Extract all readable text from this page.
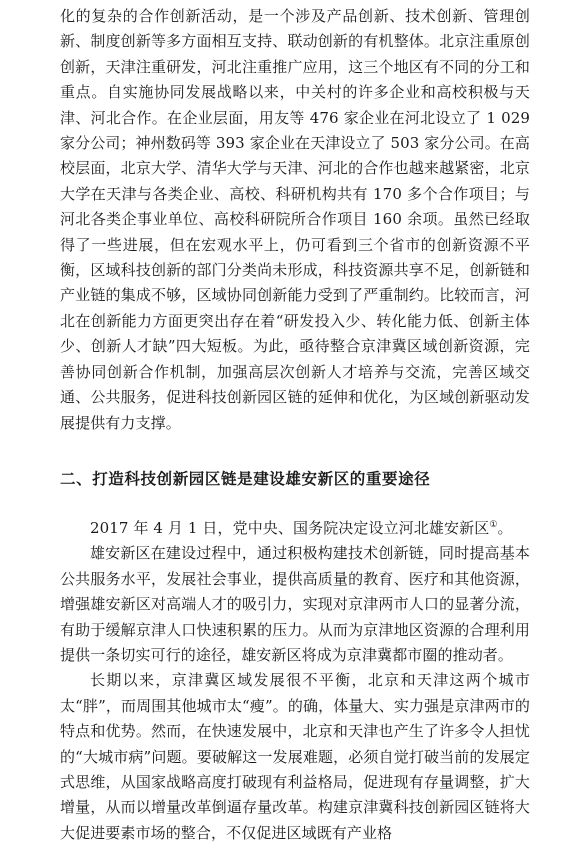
化的复杂的合作创新活动，是一个涉及产品创新、技术创新、管理创新、制度创新等多方面相互支持、联动创新的有机整体。北京注重原创创新，天津注重研发，河北注重推广应用，这三个地区有不同的分工和重点。自实施协同发展战略以来，中关村的许多企业和高校积极与天津、河北合作。在企业层面，用友等 476 家企业在河北设立了 1 029 家分公司；神州数码等 393 家企业在天津设立了 503 家分公司。在高校层面，北京大学、清华大学与天津、河北的合作也越来越紧密，北京大学在天津与各类企业、高校、科研机构共有 170 多个合作项目；与河北各类企事业单位、高校科研院所合作项目 160 余项。虽然已经取得了一些进展，但在宏观水平上，仍可看到三个省市的创新资源不平衡，区域科技创新的部门分类尚未形成，科技资源共享不足，创新链和产业链的集成不够，区域协同创新能力受到了严重制约。比较而言，河北在创新能力方面更突出存在着“研发投入少、转化能力低、创新主体少、创新人才缺”四大短板。为此，亟待整合京津冀区域创新资源，完善协同创新合作机制，加强高层次创新人才培养与交流，完善区域交通、公共服务，促进科技创新园区链的延伸和优化，为区域创新驱动发展提供有力支撑。

二、打造科技创新园区链是建设雄安新区的重要途径

2017 年 4 月 1 日，党中央、国务院决定设立河北雄安新区①。

雄安新区在建设过程中，通过积极构建技术创新链，同时提高基本公共服务水平，发展社会事业，提供高质量的教育、医疗和其他资源，增强雄安新区对高端人才的吸引力，实现对京津两市人口的显著分流，有助于缓解京津人口快速积累的压力。从而为京津地区资源的合理利用提供一条切实可行的途径，雄安新区将成为京津冀都市圈的推动者。

长期以来，京津冀区域发展很不平衡，北京和天津这两个城市太“胖”，而周围其他城市太“瘦”。的确，体量大、实力强是京津两市的特点和优势。然而，在快速发展中，北京和天津也产生了许多令人担忧的“大城市病”问题。要破解这一发展难题，必须自觉打破当前的发展定式思维，从国家战略高度打破现有利益格局，促进现有存量调整，扩大增量，从而以增量改革倒逼存量改革。构建京津冀科技创新园区链将大大促进要素市场的整合，不仅促进区域既有产业格
